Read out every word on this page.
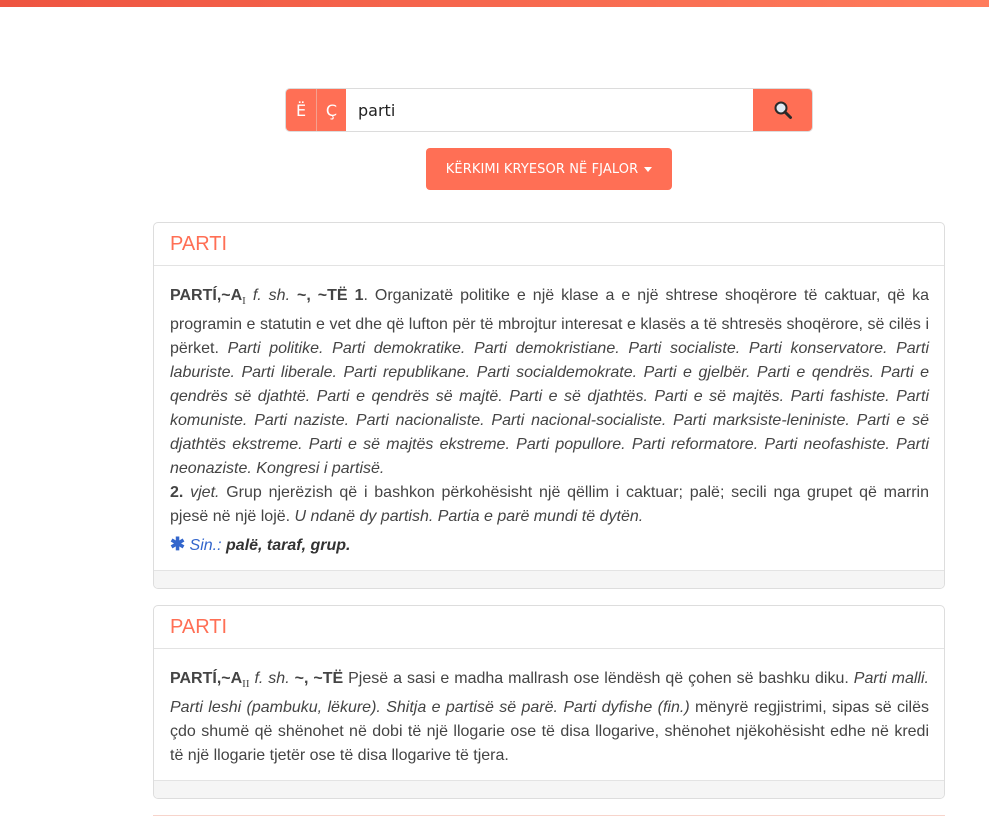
Ë	Ç
parti
KËRKIMI KRYESOR NË FJALOR
PARTI
$PARTÍ,\sim A_I$ f. sh. ~, ~TË 1. Organizatë politike e një klase a e një shtrese shoqërore të caktuar, që ka programin e statutin e vet dhe që lufton për të mbrojtur interesat e klasës a të shtresës shoqërore, së cilës i përket. Parti politike. Parti demokratike. Parti demokristiane. Parti socialiste. Parti konservatore. Parti laburiste. Parti liberale. Parti republikane. Parti socialdemokrate. Parti e gjelbër. Parti e qendrës. Parti e qendrës së djathtë. Parti e qendrës së majtë. Parti e së djathtës. Parti e së majtës. Parti fashiste. Parti komuniste. Parti naziste. Parti nacionaliste. Parti nacional-socialiste. Parti marksiste-leniniste. Parti e së djathtës ekstreme. Parti e së majtës ekstreme. Parti popullore. Parti reformatore. Parti neofashiste. Parti neonaziste. Kongresi i partisë.
2. vjet. Grup njerëzish që i bashkon përkohësisht një qëllim i caktuar; palë; secili nga grupet që marrin pjesë në një lojë. U ndanë dy partish. Partia e parë mundi të dytën.
✱ Sin.: palë, taraf, grup.
PARTI
$PARTÍ,\sim A_{II}$ f. sh. ~, ~TË Pjesë a sasi e madha mallrash ose lëndësh që çohen së bashku diku. Parti malli. Parti leshi (pambuku, lëkure). Shitja e partisë së parë. Parti dyfishe (fin.) mënyrë regjistrimi, sipas së cilës çdo shumë që shënohet në dobi të një llogarie ose të disa llogarive, shënohet njëkohësisht edhe në kredi të një llogarie tjetër ose të disa llogarive të tjera.
